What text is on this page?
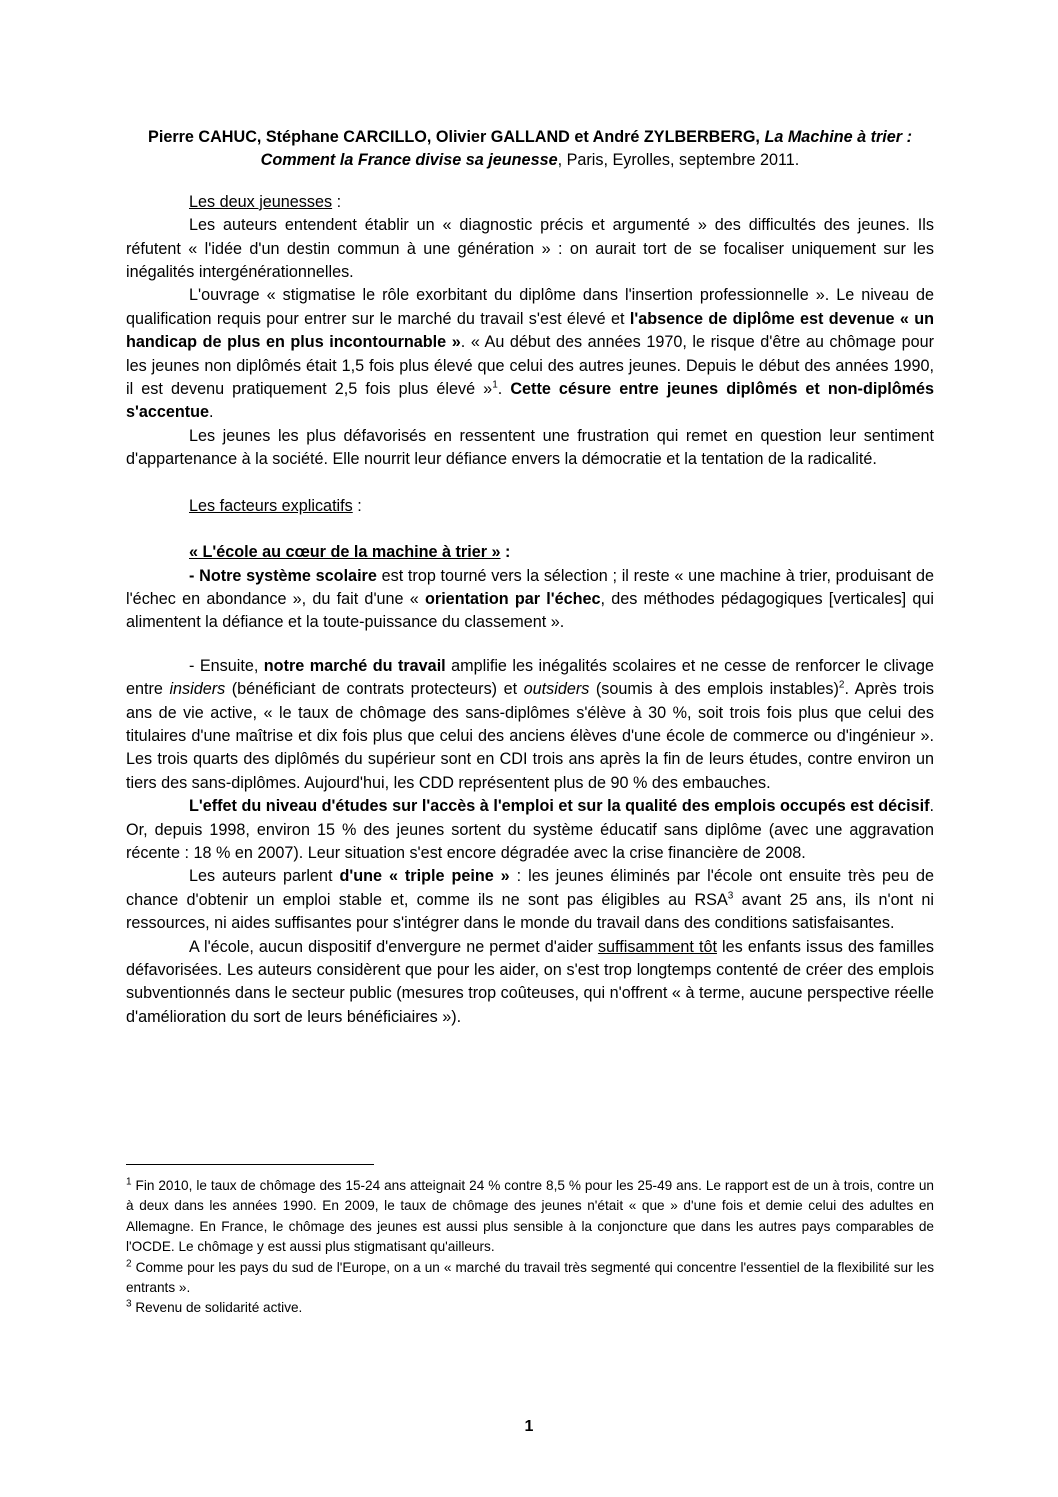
Pierre CAHUC, Stéphane CARCILLO, Olivier GALLAND et André ZYLBERBERG, La Machine à trier :
Comment la France divise sa jeunesse, Paris, Eyrolles, septembre 2011.

Les deux jeunesses :

Les auteurs entendent établir un « diagnostic précis et argumenté » des difficultés des jeunes. Ils réfutent « l'idée d'un destin commun à une génération » : on aurait tort de se focaliser uniquement sur les inégalités intergénérationnelles.

L'ouvrage « stigmatise le rôle exorbitant du diplôme dans l'insertion professionnelle ». Le niveau de qualification requis pour entrer sur le marché du travail s'est élevé et l'absence de diplôme est devenue « un handicap de plus en plus incontournable ». « Au début des années 1970, le risque d'être au chômage pour les jeunes non diplômés était 1,5 fois plus élevé que celui des autres jeunes. Depuis le début des années 1990, il est devenu pratiquement 2,5 fois plus élevé »$^1$. Cette césure entre jeunes diplômés et non-diplômés s'accentue.

Les jeunes les plus défavorisés en ressentent une frustration qui remet en question leur sentiment d'appartenance à la société. Elle nourrit leur défiance envers la démocratie et la tentation de la radicalité.

Les facteurs explicatifs :

« L'école au cœur de la machine à trier » :

- Notre système scolaire est trop tourné vers la sélection ; il reste « une machine à trier, produisant de l'échec en abondance », du fait d'une « orientation par l'échec, des méthodes pédagogiques [verticales] qui alimentent la défiance et la toute-puissance du classement ».

- Ensuite, notre marché du travail amplifie les inégalités scolaires et ne cesse de renforcer le clivage entre insiders (bénéficiant de contrats protecteurs) et outsiders (soumis à des emplois instables)$^2$. Après trois ans de vie active, « le taux de chômage des sans-diplômes s'élève à 30 %, soit trois fois plus que celui des titulaires d'une maîtrise et dix fois plus que celui des anciens élèves d'une école de commerce ou d'ingénieur ». Les trois quarts des diplômés du supérieur sont en CDI trois ans après la fin de leurs études, contre environ un tiers des sans-diplômes. Aujourd'hui, les CDD représentent plus de 90 % des embauches.

L'effet du niveau d'études sur l'accès à l'emploi et sur la qualité des emplois occupés est décisif. Or, depuis 1998, environ 15 % des jeunes sortent du système éducatif sans diplôme (avec une aggravation récente : 18 % en 2007). Leur situation s'est encore dégradée avec la crise financière de 2008.

Les auteurs parlent d'une « triple peine » : les jeunes éliminés par l'école ont ensuite très peu de chance d'obtenir un emploi stable et, comme ils ne sont pas éligibles au RSA$^3$ avant 25 ans, ils n'ont ni ressources, ni aides suffisantes pour s'intégrer dans le monde du travail dans des conditions satisfaisantes.

A l'école, aucun dispositif d'envergure ne permet d'aider suffisamment tôt les enfants issus des familles défavorisées. Les auteurs considèrent que pour les aider, on s'est trop longtemps contenté de créer des emplois subventionnés dans le secteur public (mesures trop coûteuses, qui n'offrent « à terme, aucune perspective réelle d'amélioration du sort de leurs bénéficiaires »).

$^1$ Fin 2010, le taux de chômage des 15-24 ans atteignait 24 % contre 8,5 % pour les 25-49 ans. Le rapport est de un à trois, contre un à deux dans les années 1990. En 2009, le taux de chômage des jeunes n'était « que » d'une fois et demie celui des adultes en Allemagne. En France, le chômage des jeunes est aussi plus sensible à la conjoncture que dans les autres pays comparables de l'OCDE. Le chômage y est aussi plus stigmatisant qu'ailleurs.

$^2$ Comme pour les pays du sud de l'Europe, on a un « marché du travail très segmenté qui concentre l'essentiel de la flexibilité sur les entrants ».

$^3$ Revenu de solidarité active.

1
